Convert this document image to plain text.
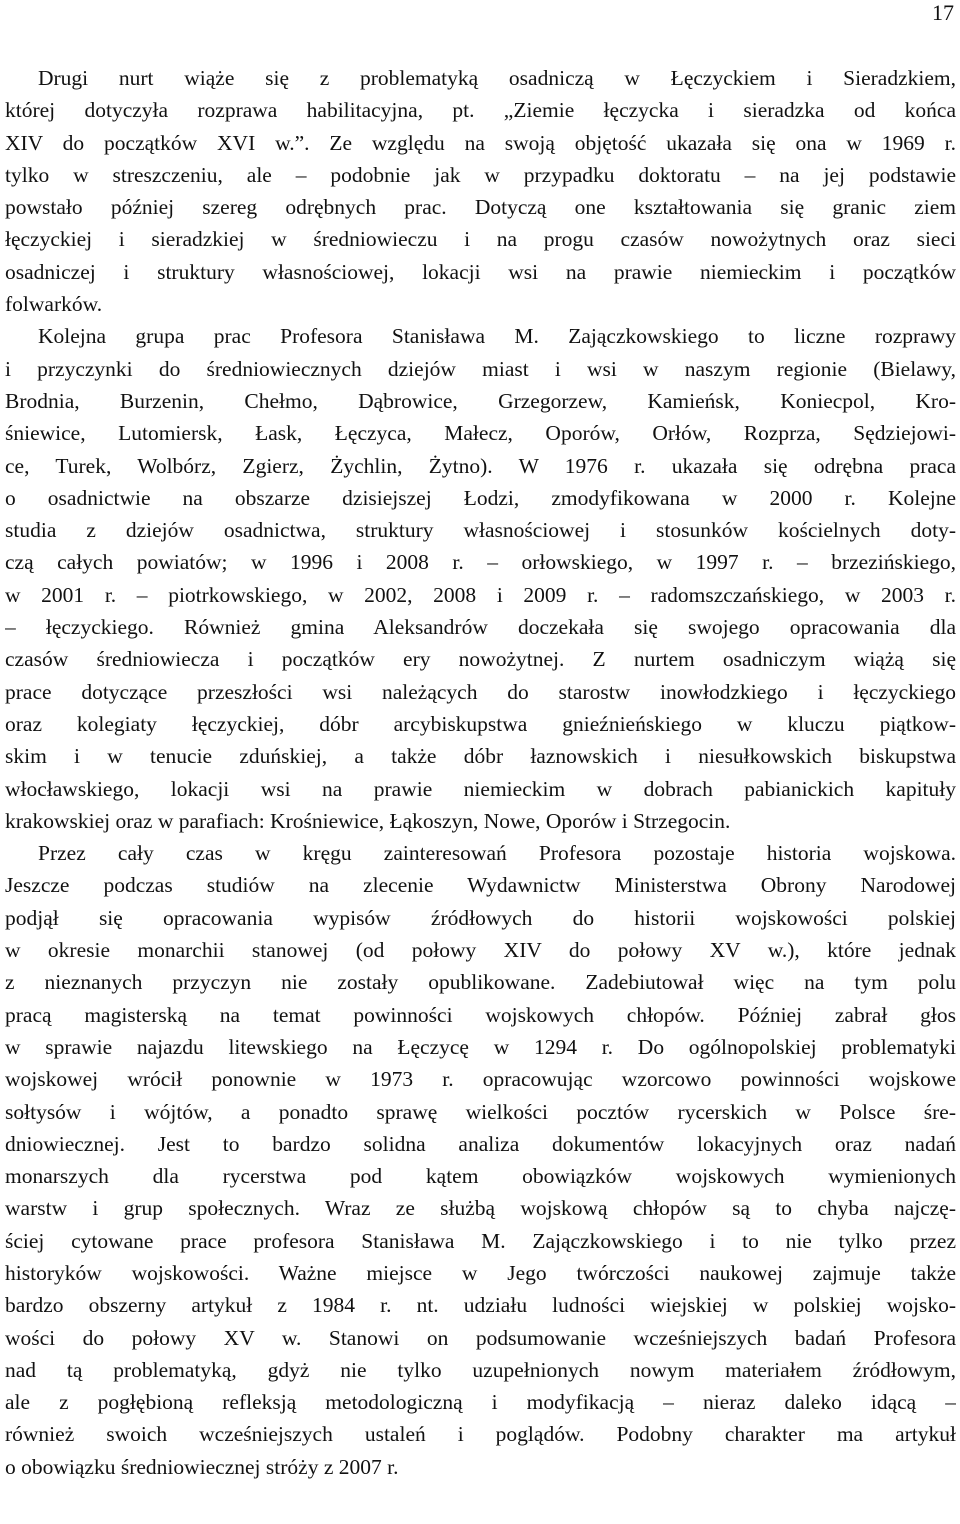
17
Drugi nurt wiąże się z problematyką osadniczą w Łęczyckiem i Sieradzkiem,
której dotyczyła rozprawa habilitacyjna, pt. „Ziemie łęczycka i sieradzka od końca
XIV do początków XVI w.”. Ze względu na swoją objętość ukazała się ona w 1969 r.
tylko w streszczeniu, ale – podobnie jak w przypadku doktoratu – na jej podstawie
powstało później szereg odrębnych prac. Dotyczą one kształtowania się granic ziem
łęczyckiej i sieradzkiej w średniowieczu i na progu czasów nowożytnych oraz sieci
osadniczej i struktury własnościowej, lokacji wsi na prawie niemieckim i początków
folwarków.
Kolejna grupa prac Profesora Stanisława M. Zajączkowskiego to liczne rozprawy
i przyczynki do średniowiecznych dziejów miast i wsi w naszym regionie (Bielawy,
Brodnia, Burzenin, Chełmo, Dąbrowice, Grzegorzew, Kamieńsk, Koniecpol, Kro-
śniewice, Lutomiersk, Łask, Łęczyca, Małecz, Oporów, Orłów, Rozprza, Sędziejowi-
ce, Turek, Wolbórz, Zgierz, Żychlin, Żytno). W 1976 r. ukazała się odrębna praca
o osadnictwie na obszarze dzisiejszej Łodzi, zmodyfikowana w 2000 r. Kolejne
studia z dziejów osadnictwa, struktury własnościowej i stosunków kościelnych doty-
czą całych powiatów; w 1996 i 2008 r. – orłowskiego, w 1997 r. – brzezińskiego,
w 2001 r. – piotrkowskiego, w 2002, 2008 i 2009 r. – radomszczańskiego, w 2003 r.
– łęczyckiego. Również gmina Aleksandrów doczekała się swojego opracowania dla
czasów średniowiecza i początków ery nowożytnej. Z nurtem osadniczym wiążą się
prace dotyczące przeszłości wsi należących do starostw inowłodzkiego i łęczyckiego
oraz kolegiaty łęczyckiej, dóbr arcybiskupstwa gnieźnieńskiego w kluczu piątkow-
skim i w tenucie zduńskiej, a także dóbr łaznowskich i niesułkowskich biskupstwa
włocławskiego, lokacji wsi na prawie niemieckim w dobrach pabianickich kapituły
krakowskiej oraz w parafiach: Krośniewice, Łąkoszyn, Nowe, Oporów i Strzegocin.
Przez cały czas w kręgu zainteresowań Profesora pozostaje historia wojskowa.
Jeszcze podczas studiów na zlecenie Wydawnictw Ministerstwa Obrony Narodowej
podjął się opracowania wypisów źródłowych do historii wojskowości polskiej
w okresie monarchii stanowej (od połowy XIV do połowy XV w.), które jednak
z nieznanych przyczyn nie zostały opublikowane. Zadebiutował więc na tym polu
pracą magisterską na temat powinności wojskowych chłopów. Później zabrał głos
w sprawie najazdu litewskiego na Łęczycę w 1294 r. Do ogólnopolskiej problematyki
wojskowej wrócił ponownie w 1973 r. opracowując wzorcowo powinności wojskowe
sołtysów i wójtów, a ponadto sprawę wielkości pocztów rycerskich w Polsce śre-
dniowiecznej. Jest to bardzo solidna analiza dokumentów lokacyjnych oraz nadań
monarszych dla rycerstwa pod kątem obowiązków wojskowych wymienionych
warstw i grup społecznych. Wraz ze służbą wojskową chłopów są to chyba najczę-
ściej cytowane prace profesora Stanisława M. Zajączkowskiego i to nie tylko przez
historyków wojskowości. Ważne miejsce w Jego twórczości naukowej zajmuje także
bardzo obszerny artykuł z 1984 r. nt. udziału ludności wiejskiej w polskiej wojsko-
wości do połowy XV w. Stanowi on podsumowanie wcześniejszych badań Profesora
nad tą problematyką, gdyż nie tylko uzupełnionych nowym materiałem źródłowym,
ale z pogłębioną refleksją metodologiczną i modyfikacją – nieraz daleko idącą –
również swoich wcześniejszych ustaleń i poglądów. Podobny charakter ma artykuł
o obowiązku średniowiecznej stróży z 2007 r.
